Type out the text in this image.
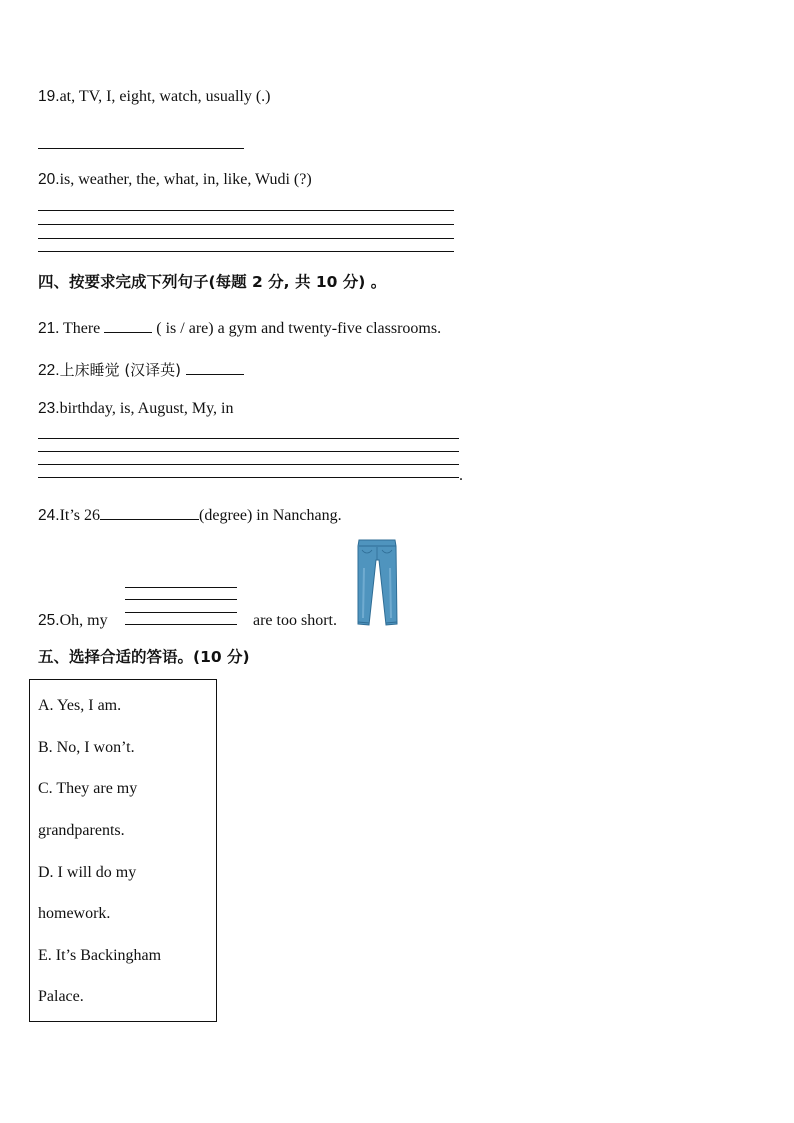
19.at, TV, I, eight, watch, usually (.)
20.is, weather, the, what, in, like, Wudi (?)
四、按要求完成下列句子(每题 2 分, 共 10 分) 。
21. There	( is / are) a gym and twenty-five classrooms.
22.上床睡觉 (汉译英)
23.birthday, is, August, My, in
.
24.It’s 26	(degree) in Nanchang.
25.Oh, my	are too short.
五、选择合适的答语。(10 分)
A. Yes, I am.
B. No, I won’t.
C. They are my
grandparents.
D. I will do my
homework.
E. It’s Backingham
Palace.
